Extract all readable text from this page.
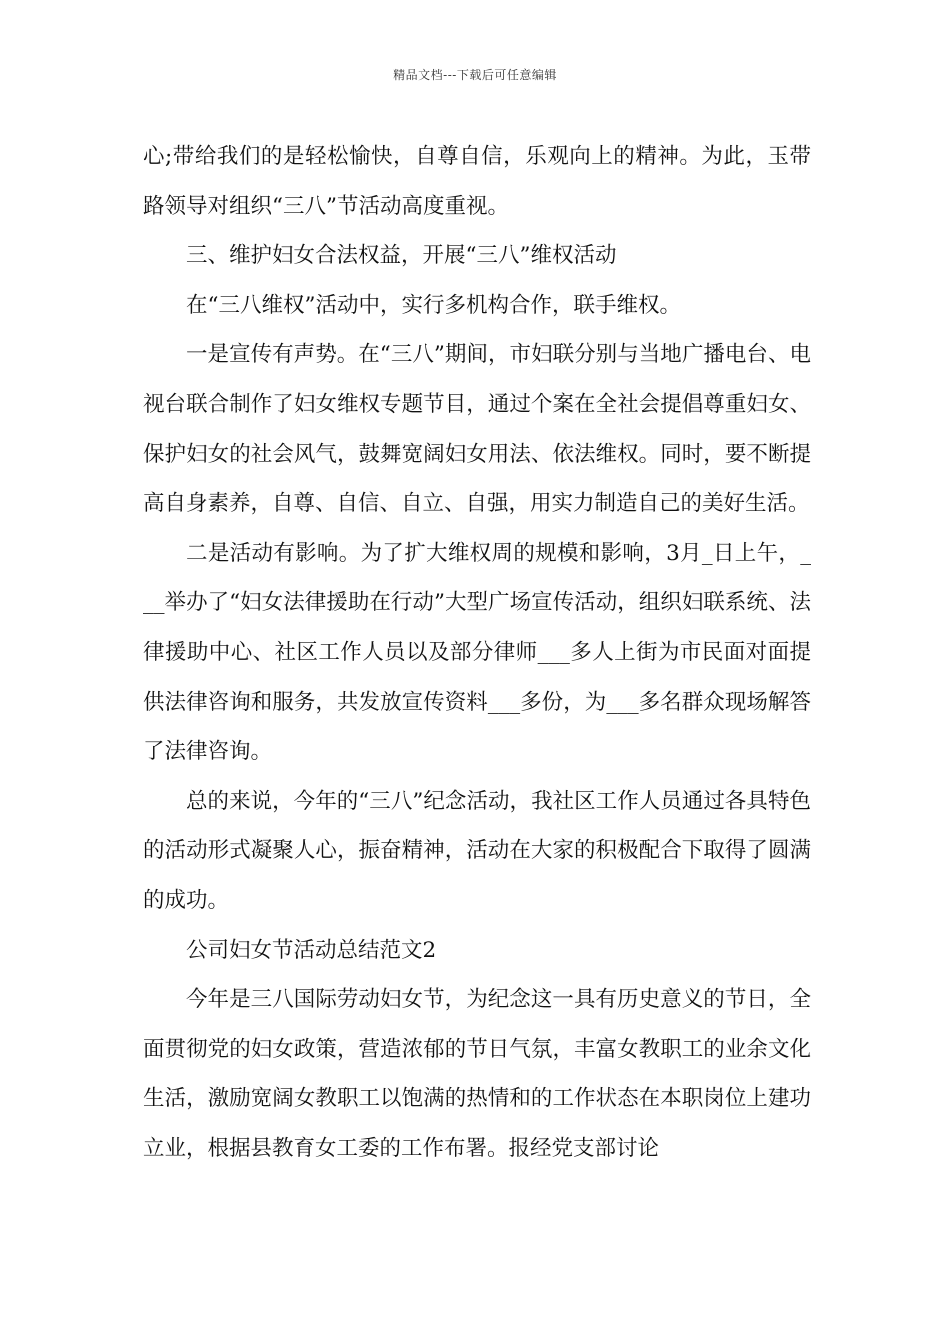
精品文档---下载后可任意编辑

心;带给我们的是轻松愉快，自尊自信，乐观向上的精神。为此，玉带路领导对组织“三八”节活动高度重视。

三、维护妇女合法权益，开展“三八”维权活动

在“三八维权”活动中，实行多机构合作，联手维权。

一是宣传有声势。在“三八”期间，市妇联分别与当地广播电台、电视台联合制作了妇女维权专题节目，通过个案在全社会提倡尊重妇女、保护妇女的社会风气，鼓舞宽阔妇女用法、依法维权。同时，要不断提高自身素养，自尊、自信、自立、自强，用实力制造自己的美好生活。

二是活动有影响。为了扩大维权周的规模和影响，3月_日上午，___举办了“妇女法律援助在行动”大型广场宣传活动，组织妇联系统、法律援助中心、社区工作人员以及部分律师___多人上街为市民面对面提供法律咨询和服务，共发放宣传资料___多份，为___多名群众现场解答了法律咨询。

总的来说，今年的“三八”纪念活动，我社区工作人员通过各具特色的活动形式凝聚人心，振奋精神，活动在大家的积极配合下取得了圆满的成功。

公司妇女节活动总结范文2

今年是三八国际劳动妇女节，为纪念这一具有历史意义的节日，全面贯彻党的妇女政策，营造浓郁的节日气氛，丰富女教职工的业余文化生活，激励宽阔女教职工以饱满的热情和的工作状态在本职岗位上建功立业，根据县教育女工委的工作布署。报经党支部讨论
